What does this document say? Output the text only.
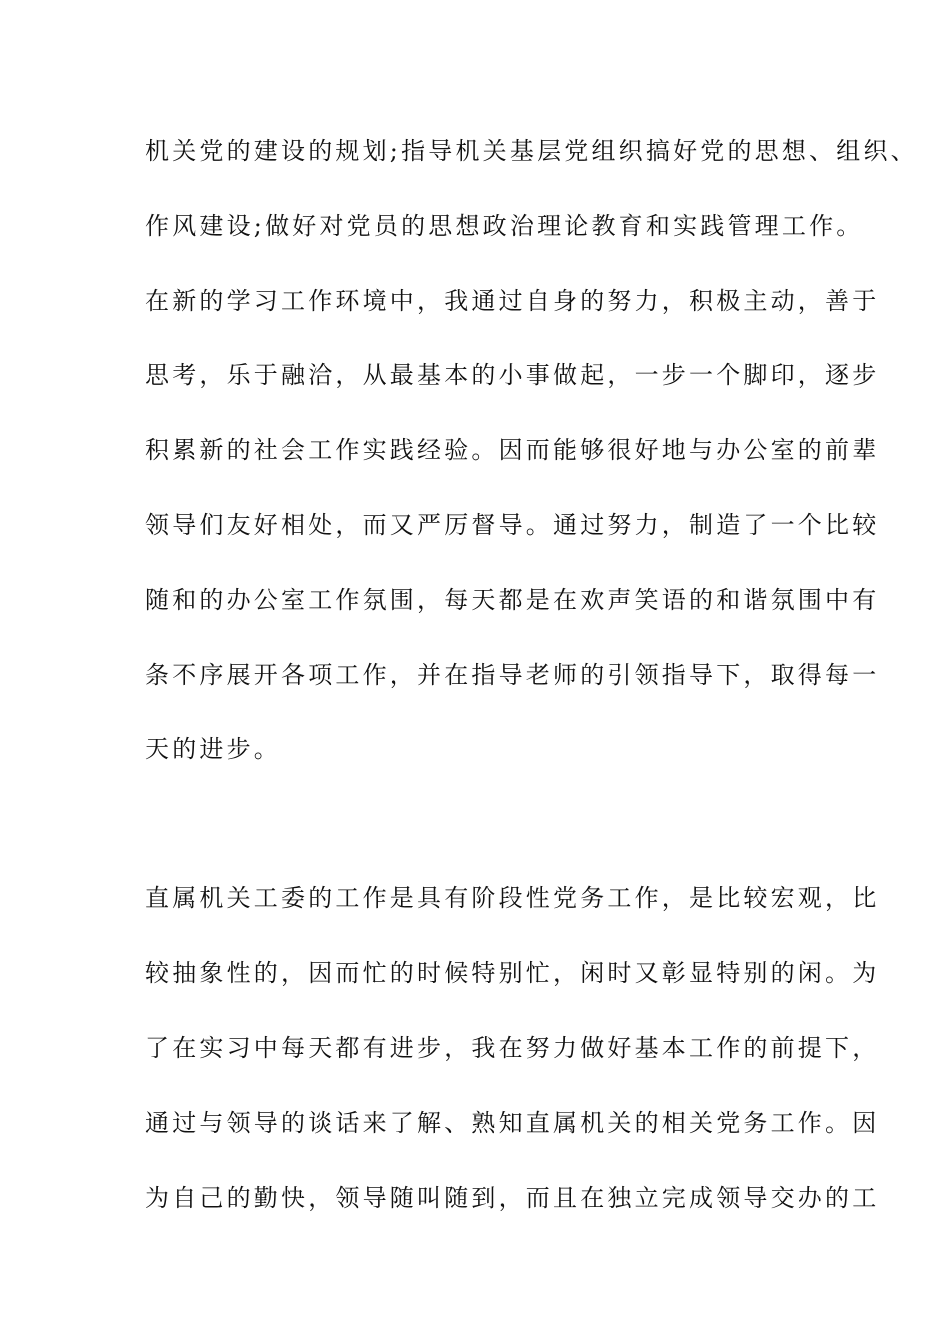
机关党的建设的规划;指导机关基层党组织搞好党的思想、组织、
作风建设;做好对党员的思想政治理论教育和实践管理工作。
在新的学习工作环境中，我通过自身的努力，积极主动，善于
思考，乐于融洽，从最基本的小事做起，一步一个脚印，逐步
积累新的社会工作实践经验。因而能够很好地与办公室的前辈
领导们友好相处，而又严厉督导。通过努力，制造了一个比较
随和的办公室工作氛围，每天都是在欢声笑语的和谐氛围中有
条不序展开各项工作，并在指导老师的引领指导下，取得每一
天的进步。
直属机关工委的工作是具有阶段性党务工作，是比较宏观，比
较抽象性的，因而忙的时候特别忙，闲时又彰显特别的闲。为
了在实习中每天都有进步，我在努力做好基本工作的前提下，
通过与领导的谈话来了解、熟知直属机关的相关党务工作。因
为自己的勤快，领导随叫随到，而且在独立完成领导交办的工
